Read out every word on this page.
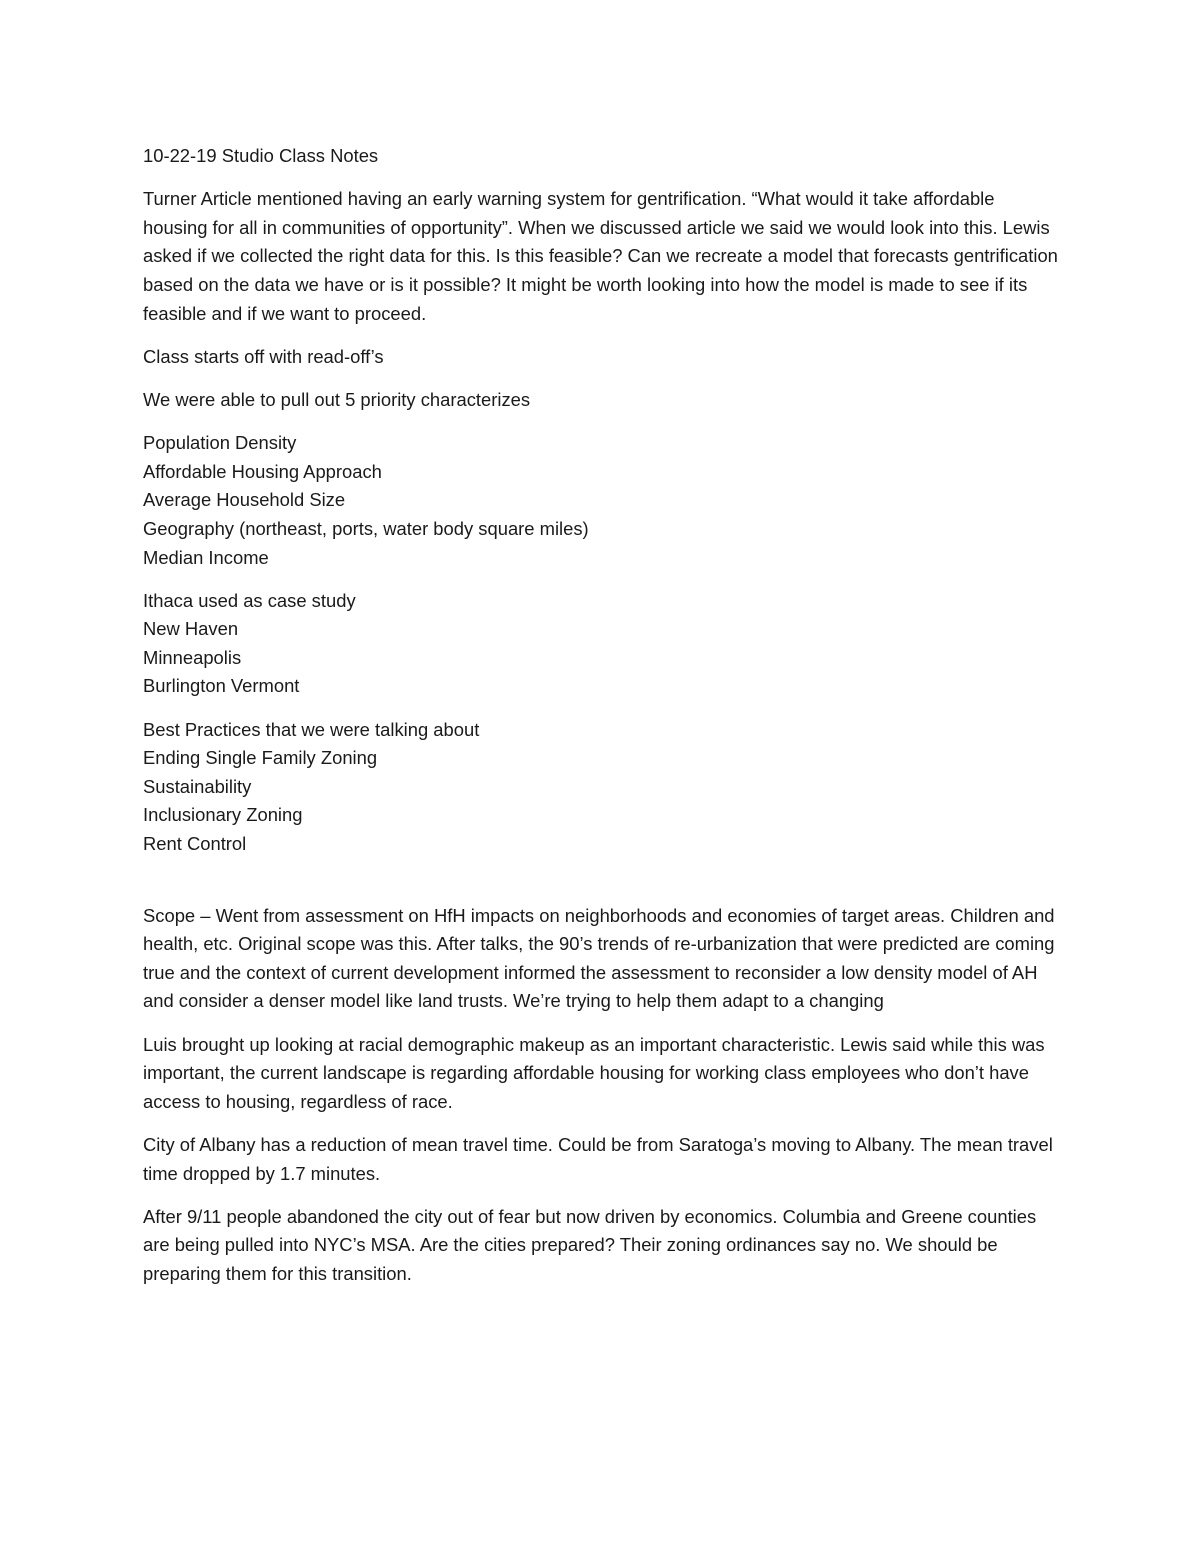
10-22-19 Studio Class Notes

Turner Article mentioned having an early warning system for gentrification. “What would it take affordable housing for all in communities of opportunity”. When we discussed article we said we would look into this. Lewis asked if we collected the right data for this. Is this feasible? Can we recreate a model that forecasts gentrification based on the data we have or is it possible? It might be worth looking into how the model is made to see if its feasible and if we want to proceed.

Class starts off with read-off’s

We were able to pull out 5 priority characterizes

Population Density
Affordable Housing Approach
Average Household Size
Geography (northeast, ports, water body square miles)
Median Income
Ithaca used as case study
New Haven
Minneapolis
Burlington Vermont
Best Practices that we were talking about
Ending Single Family Zoning
Sustainability
Inclusionary Zoning
Rent Control

Scope – Went from assessment on HfH impacts on neighborhoods and economies of target areas. Children and health, etc. Original scope was this. After talks, the 90’s trends of re-urbanization that were predicted are coming true and the context of current development informed the assessment to reconsider a low density model of AH and consider a denser model like land trusts. We’re trying to help them adapt to a changing

Luis brought up looking at racial demographic makeup as an important characteristic. Lewis said while this was important, the current landscape is regarding affordable housing for working class employees who don’t have access to housing, regardless of race.

City of Albany has a reduction of mean travel time. Could be from Saratoga’s moving to Albany. The mean travel time dropped by 1.7 minutes.

After 9/11 people abandoned the city out of fear but now driven by economics. Columbia and Greene counties are being pulled into NYC’s MSA. Are the cities prepared? Their zoning ordinances say no. We should be preparing them for this transition.
